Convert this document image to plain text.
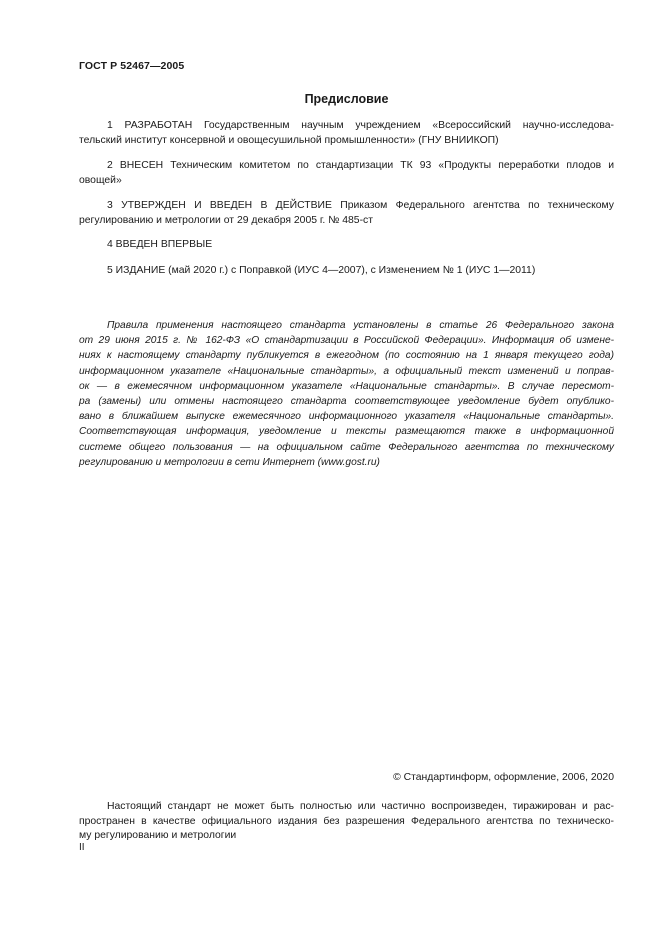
ГОСТ Р 52467—2005
Предисловие
1 РАЗРАБОТАН Государственным научным учреждением «Всероссийский научно-исследова-
тельский институт консервной и овощесушильной промышленности» (ГНУ ВНИИКОП)
2 ВНЕСЕН Техническим комитетом по стандартизации ТК 93 «Продукты переработки плодов и
овощей»
3 УТВЕРЖДЕН И ВВЕДЕН В ДЕЙСТВИЕ Приказом Федерального агентства по техническому
регулированию и метрологии от 29 декабря 2005 г. № 485-ст
4 ВВЕДЕН ВПЕРВЫЕ
5 ИЗДАНИЕ (май 2020 г.) с Поправкой (ИУС 4—2007), с Изменением № 1 (ИУС 1—2011)
Правила применения настоящего стандарта установлены в статье 26 Федерального закона
от 29 июня 2015 г. № 162-ФЗ «О стандартизации в Российской Федерации». Информация об измене-
ниях к настоящему стандарту публикуется в ежегодном (по состоянию на 1 января текущего года)
информационном указателе «Национальные стандарты», а официальный текст изменений и поправ-
ок — в ежемесячном информационном указателе «Национальные стандарты». В случае пересмот-
ра (замены) или отмены настоящего стандарта соответствующее уведомление будет опублико-
вано в ближайшем выпуске ежемесячного информационного указателя «Национальные стандарты».
Соответствующая информация, уведомление и тексты размещаются также в информационной
системе общего пользования — на официальном сайте Федерального агентства по техническому
регулированию и метрологии в сети Интернет (www.gost.ru)
© Стандартинформ, оформление, 2006, 2020
Настоящий стандарт не может быть полностью или частично воспроизведен, тиражирован и рас-
пространен в качестве официального издания без разрешения Федерального агентства по техническо-
му регулированию и метрологии
II
